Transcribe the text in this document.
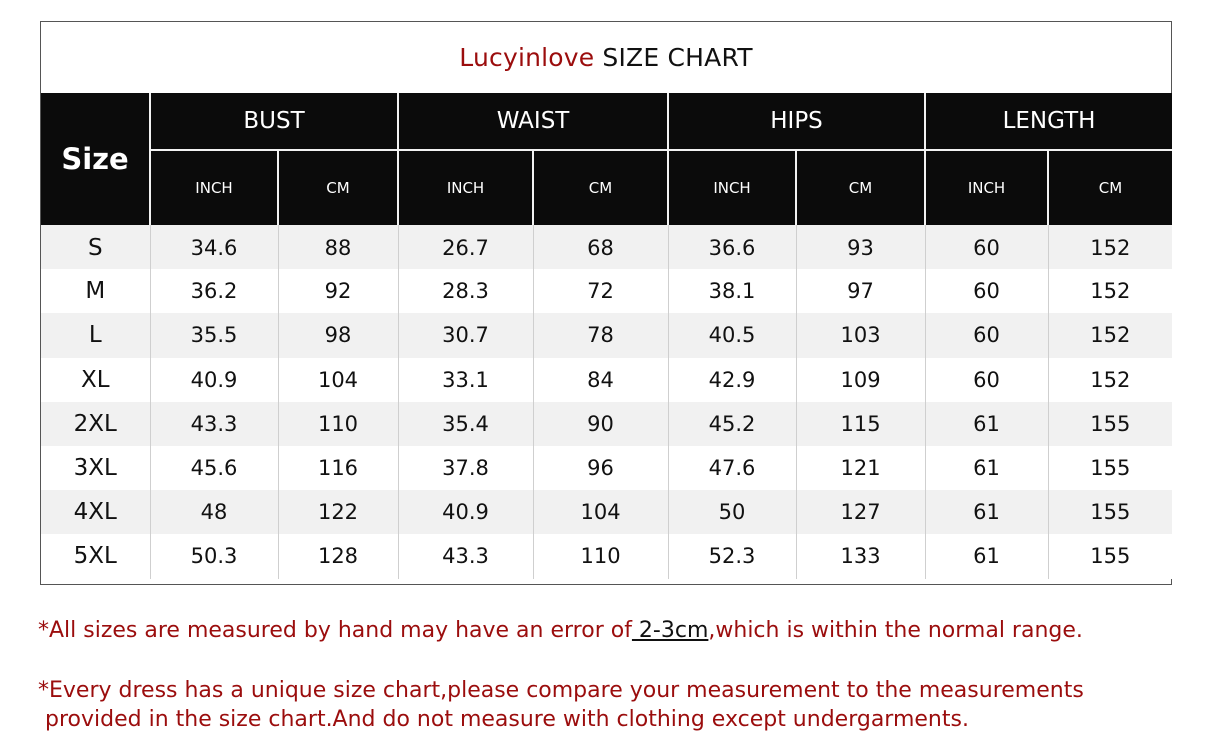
Lucyinlove SIZE CHART
Size	BUST		WAIST		HIPS		LENGTH	
	INCH	CM	INCH	CM	INCH	CM	INCH	CM
S	34.6	88	26.7	68	36.6	93	60	152
M	36.2	92	28.3	72	38.1	97	60	152
L	35.5	98	30.7	78	40.5	103	60	152
XL	40.9	104	33.1	84	42.9	109	60	152
2XL	43.3	110	35.4	90	45.2	115	61	155
3XL	45.6	116	37.8	96	47.6	121	61	155
4XL	48	122	40.9	104	50	127	61	155
5XL	50.3	128	43.3	110	52.3	133	61	155
*All sizes are measured by hand may have an error of 2-3cm,which is within the normal range.
*Every dress has a unique size chart,please compare your measurement to the measurements
provided in the size chart.And do not measure with clothing except undergarments.
